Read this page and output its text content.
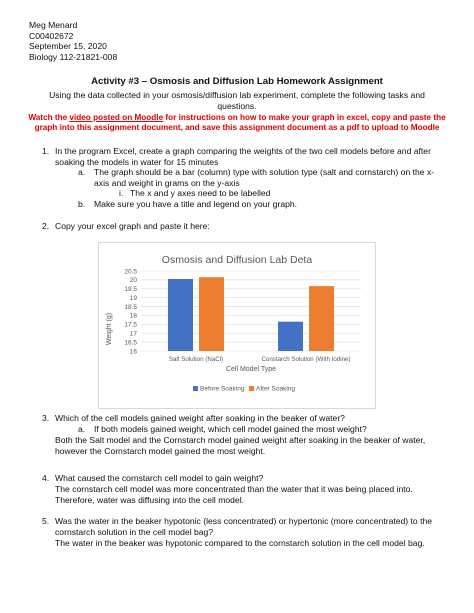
Meg Menard
C00402672
September 15, 2020
Biology 112-21821-008
Activity #3 – Osmosis and Diffusion Lab Homework Assignment
Using the data collected in your osmosis/diffusion lab experiment, complete the following tasks and questions.
Watch the video posted on Moodle for instructions on how to make your graph in excel, copy and paste the graph into this assignment document, and save this assignment document as a pdf to upload to Moodle
1. In the program Excel, create a graph comparing the weights of the two cell models before and after soaking the models in water for 15 minutes
a. The graph should be a bar (column) type with solution type (salt and cornstarch) on the x-axis and weight in grams on the y-axis
i. The x and y axes need to be labelled
b. Make sure you have a title and legend on your graph.
2. Copy your excel graph and paste it here:
Osmosis and Diffusion Lab Deta
16
16.5
17
17.5
18
18.5
19
19.5
20
20.5
Salt Solution (NaCl)	Constarch Solution (With Iodine)
Weight (g)
Cell Model Type
Before Soaking After Soaking
3. Which of the cell models gained weight after soaking in the beaker of water?
a. If both models gained weight, which cell model gained the most weight?
Both the Salt model and the Cornstarch model gained weight after soaking in the beaker of water, however the Cornstarch model gained the most weight.
4. What caused the cornstarch cell model to gain weight?
The cornstarch cell model was more concentrated than the water that it was being placed into. Therefore, water was diffusing into the cell model.
5. Was the water in the beaker hypotonic (less concentrated) or hypertonic (more concentrated) to the cornstarch solution in the cell model bag?
The water in the beaker was hypotonic compared to the cornstarch solution in the cell model bag.
